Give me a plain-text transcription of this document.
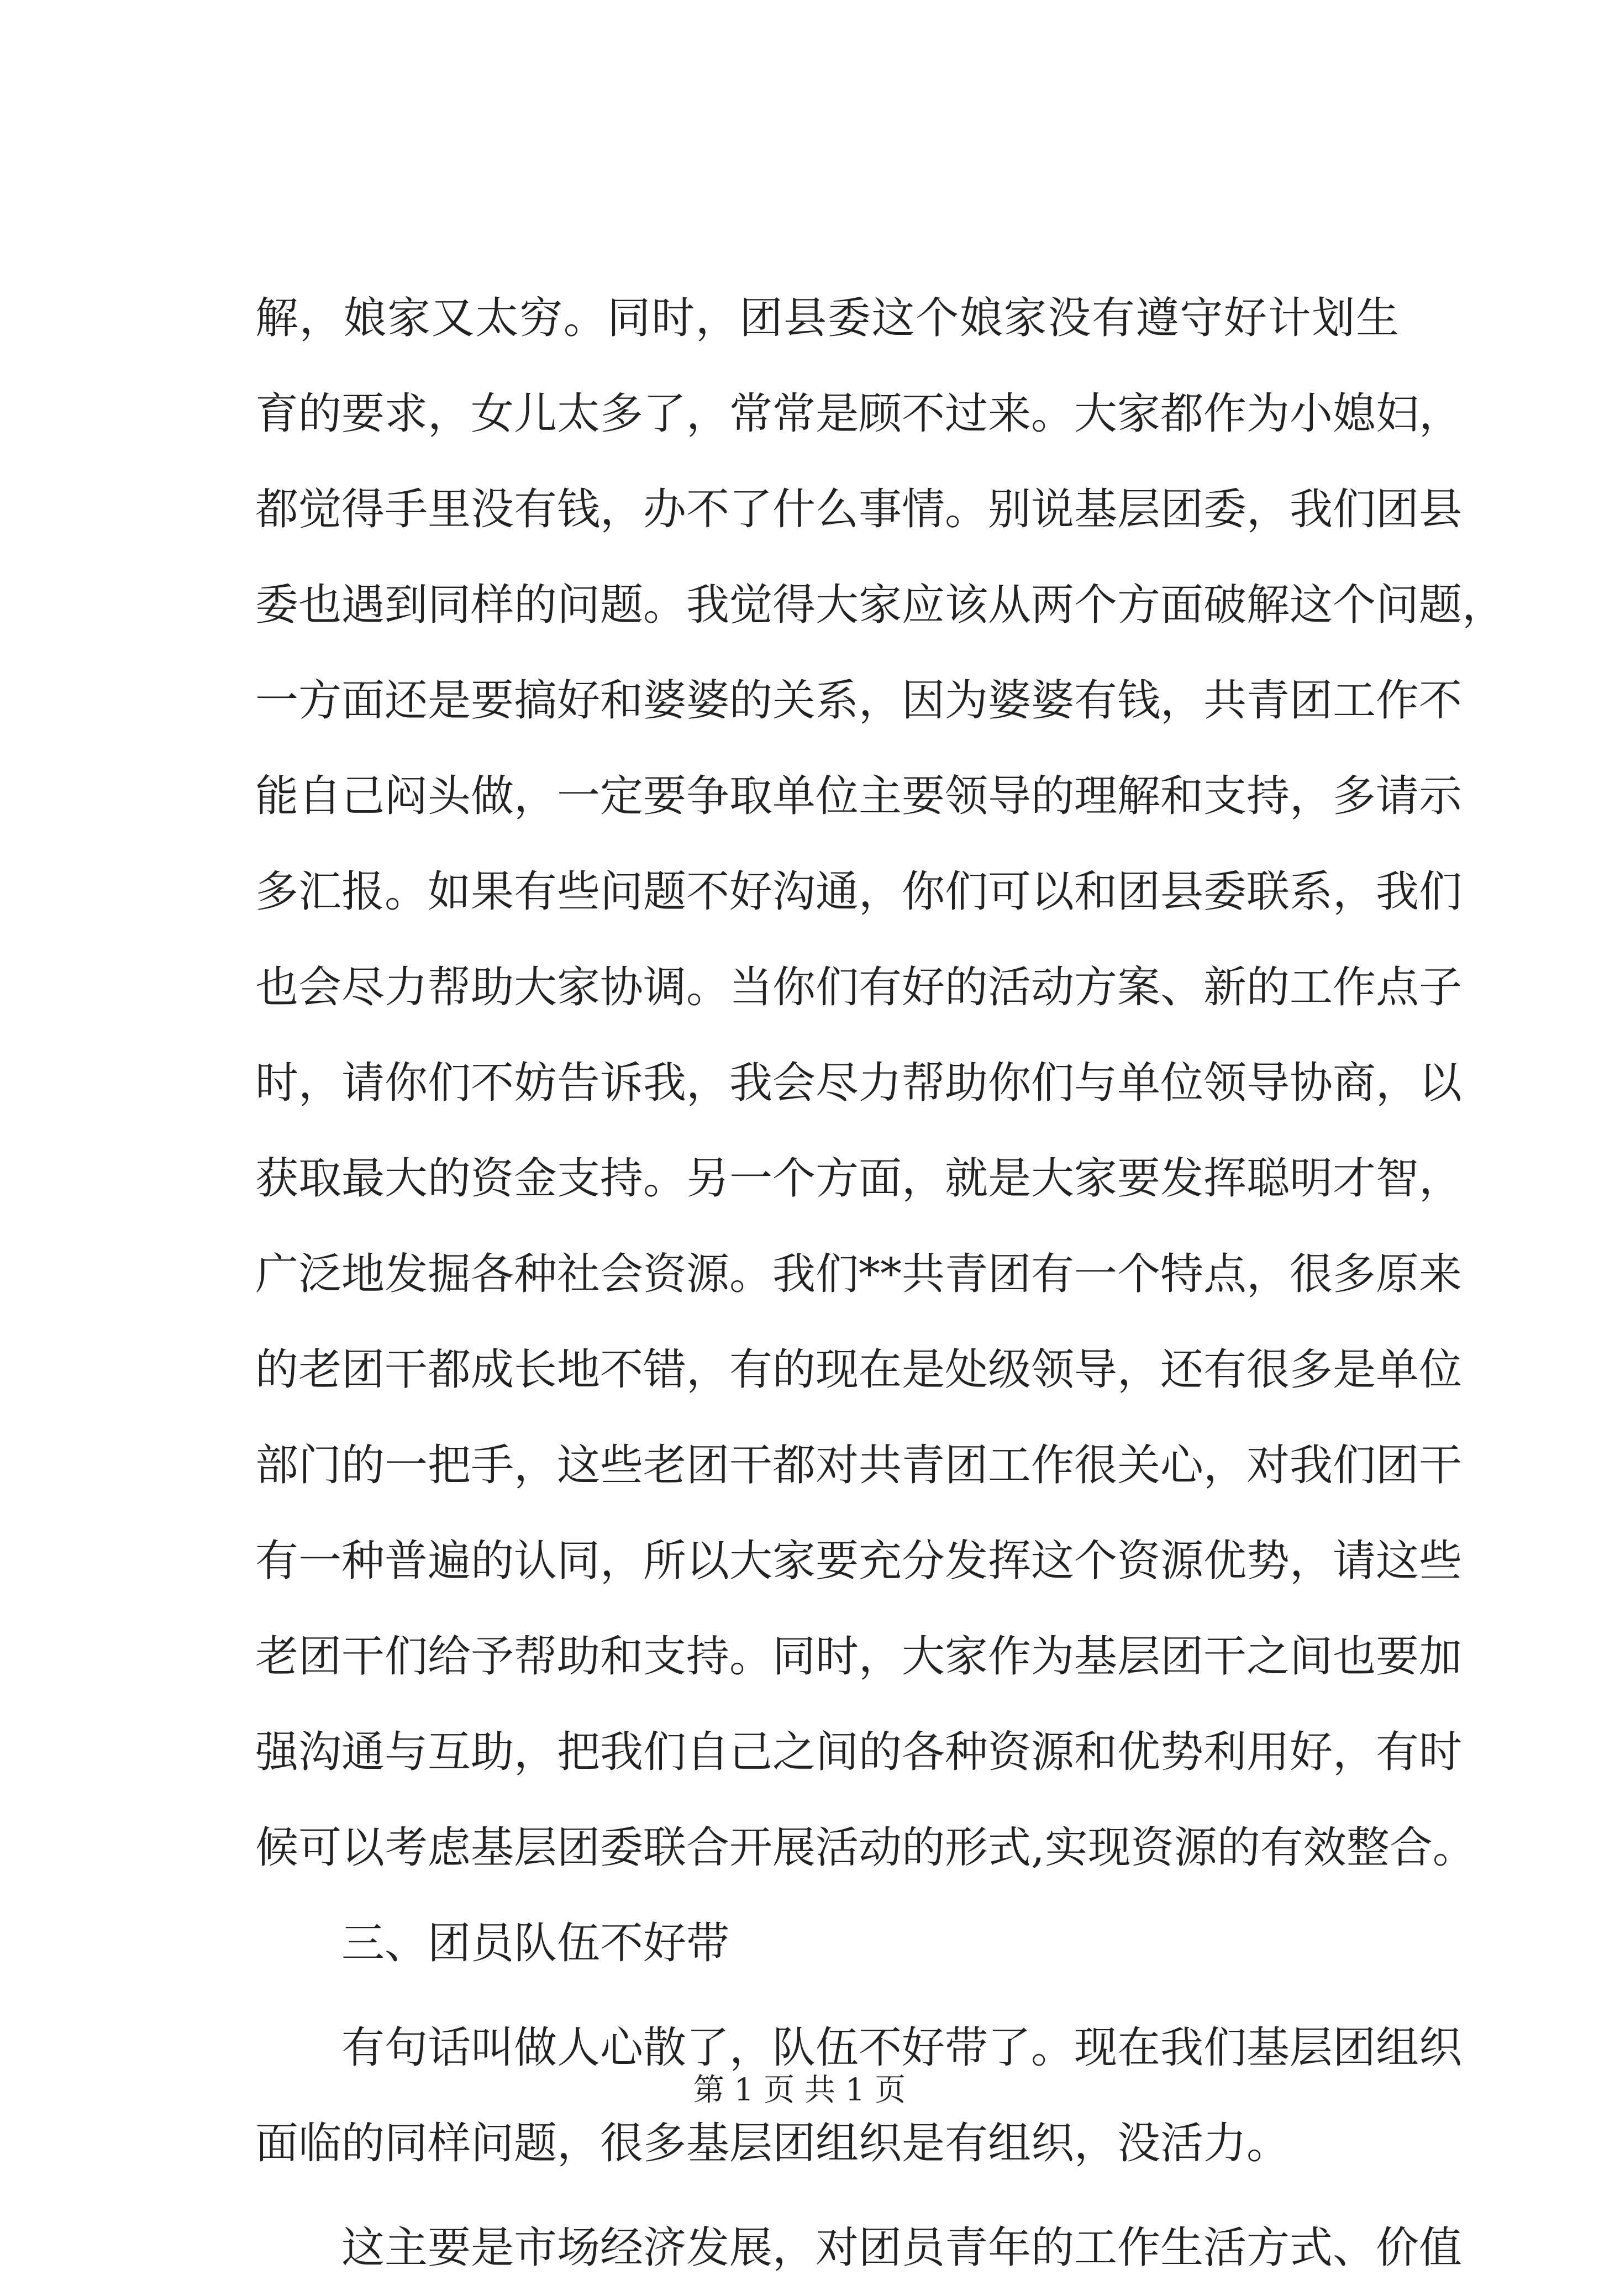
解，娘家又太穷。同时，团县委这个娘家没有遵守好计划生
育的要求，女儿太多了，常常是顾不过来。大家都作为小媳妇，
都觉得手里没有钱，办不了什么事情。别说基层团委，我们团县
委也遇到同样的问题。我觉得大家应该从两个方面破解这个问题，
一方面还是要搞好和婆婆的关系，因为婆婆有钱，共青团工作不
能自己闷头做，一定要争取单位主要领导的理解和支持，多请示
多汇报。如果有些问题不好沟通，你们可以和团县委联系，我们
也会尽力帮助大家协调。当你们有好的活动方案、新的工作点子
时，请你们不妨告诉我，我会尽力帮助你们与单位领导协商，以
获取最大的资金支持。另一个方面，就是大家要发挥聪明才智，
广泛地发掘各种社会资源。我们**共青团有一个特点，很多原来
的老团干都成长地不错，有的现在是处级领导，还有很多是单位
部门的一把手，这些老团干都对共青团工作很关心，对我们团干
有一种普遍的认同，所以大家要充分发挥这个资源优势，请这些
老团干们给予帮助和支持。同时，大家作为基层团干之间也要加
强沟通与互助，把我们自己之间的各种资源和优势利用好，有时
候可以考虑基层团委联合开展活动的形式,实现资源的有效整合。
三、团员队伍不好带
有句话叫做人心散了，队伍不好带了。现在我们基层团组织
面临的同样问题，很多基层团组织是有组织，没活力。
这主要是市场经济发展，对团员青年的工作生活方式、价值
第 1 页 共 1 页
